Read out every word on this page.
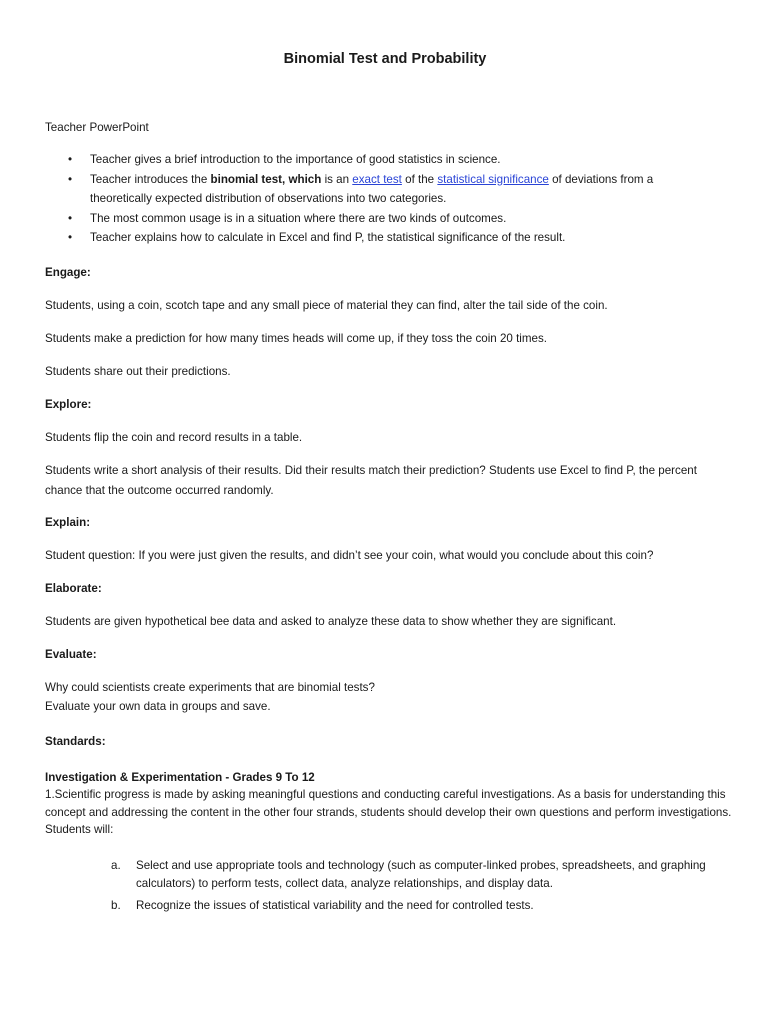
Binomial Test and Probability

Teacher PowerPoint

• Teacher gives a brief introduction to the importance of good statistics in science.
• Teacher introduces the binomial test, which is an exact test of the statistical significance of deviations from a theoretically expected distribution of observations into two categories.
• The most common usage is in a situation where there are two kinds of outcomes.
• Teacher explains how to calculate in Excel and find P, the statistical significance of the result.

Engage:

Students, using a coin, scotch tape and any small piece of material they can find, alter the tail side of the coin.

Students make a prediction for how many times heads will come up, if they toss the coin 20 times.

Students share out their predictions.

Explore:

Students flip the coin and record results in a table.

Students write a short analysis of their results. Did their results match their prediction? Students use Excel to find P, the percent chance that the outcome occurred randomly.

Explain:

Student question: If you were just given the results, and didn’t see your coin, what would you conclude about this coin?

Elaborate:

Students are given hypothetical bee data and asked to analyze these data to show whether they are significant.

Evaluate:

Why could scientists create experiments that are binomial tests?

Evaluate your own data in groups and save.

Standards:

Investigation & Experimentation - Grades 9 To 12

1.Scientific progress is made by asking meaningful questions and conducting careful investigations. As a basis for understanding this concept and addressing the content in the other four strands, students should develop their own questions and perform investigations. Students will:

a. Select and use appropriate tools and technology (such as computer-linked probes, spreadsheets, and graphing calculators) to perform tests, collect data, analyze relationships, and display data.
b. Recognize the issues of statistical variability and the need for controlled tests.
